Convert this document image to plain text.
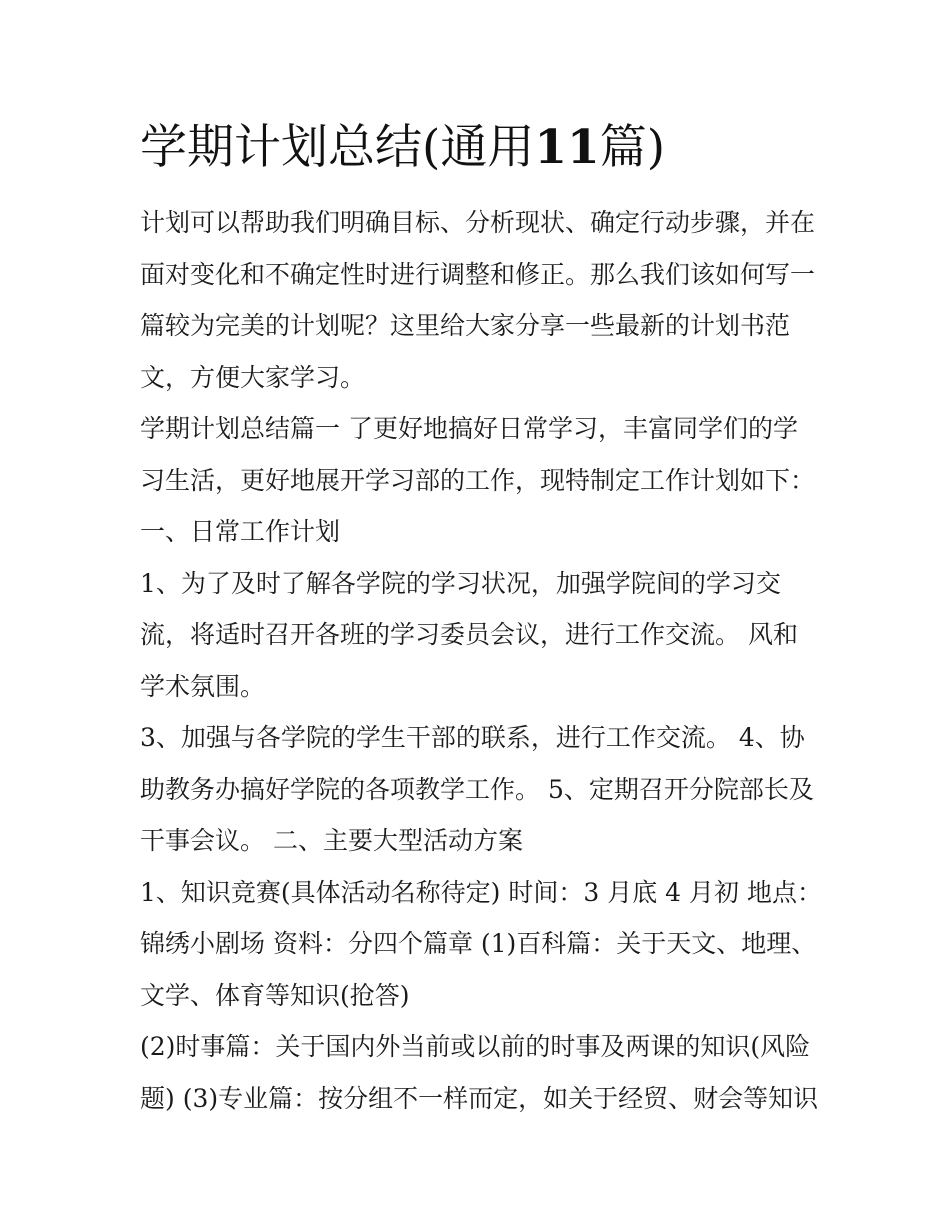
学期计划总结(通用11篇)
计划可以帮助我们明确目标、分析现状、确定行动步骤，并在
面对变化和不确定性时进行调整和修正。那么我们该如何写一
篇较为完美的计划呢？这里给大家分享一些最新的计划书范
文，方便大家学习。
学期计划总结篇一 了更好地搞好日常学习，丰富同学们的学
习生活，更好地展开学习部的工作，现特制定工作计划如下：
一、日常工作计划
1、为了及时了解各学院的学习状况，加强学院间的学习交
流，将适时召开各班的学习委员会议，进行工作交流。 风和
学术氛围。
3、加强与各学院的学生干部的联系，进行工作交流。 4、协
助教务办搞好学院的各项教学工作。 5、定期召开分院部长及
干事会议。 二、主要大型活动方案
1、知识竞赛(具体活动名称待定) 时间：3 月底 4 月初 地点：
锦绣小剧场 资料：分四个篇章 (1)百科篇：关于天文、地理、
文学、体育等知识(抢答)
(2)时事篇：关于国内外当前或以前的时事及两课的知识(风险
题) (3)专业篇：按分组不一样而定，如关于经贸、财会等知识
